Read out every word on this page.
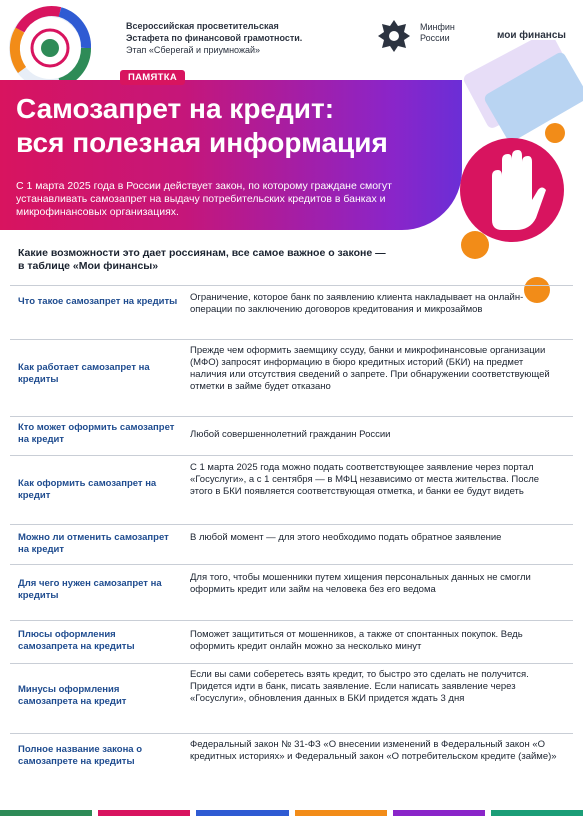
Всероссийская просветительская
Эстафета по финансовой грамотности.
Этап «Сберегай и приумножай»
Минфин
России	мои финансы
ПАМЯТКА
Самозапрет на кредит:
вся полезная информация
С 1 марта 2025 года в России действует закон, по которому граждане смогут устанавливать самозапрет на выдачу потребительских кредитов в банках и микрофинансовых организациях.
Какие возможности это дает россиянам, все самое важное о законе — в таблице «Мои финансы»
Что такое самозапрет на кредиты Ограничение, которое банк по заявлению клиента накладывает на онлайн-операции по заключению договоров кредитования и микрозаймов
Как работает самозапрет на кредиты
Прежде чем оформить заемщику ссуду, банки и микрофинансовые организации (МФО) запросят информацию в бюро кредитных историй (БКИ) на предмет наличия или отсутствия сведений о запрете. При обнаружении соответствующей отметки в займе будет отказано
Кто может оформить самозапрет на кредит	Любой совершеннолетний гражданин России
Как оформить самозапрет на кредит
С 1 марта 2025 года можно подать соответствующее заявление через портал «Госуслуги», а с 1 сентября — в МФЦ независимо от места жительства. После этого в БКИ появляется соответствующая отметка, и банки ее будут видеть
Можно ли отменить самозапрет на кредит
В любой момент — для этого необходимо подать обратное заявление
Для чего нужен самозапрет на кредиты
Для того, чтобы мошенники путем хищения персональных данных не смогли оформить кредит или займ на человека без его ведома
Плюсы оформления самозапрета на кредиты
Поможет защититься от мошенников, а также от спонтанных покупок. Ведь оформить кредит онлайн можно за несколько минут
Минусы оформления самозапрета на кредит
Если вы сами соберетесь взять кредит, то быстро это сделать не получится. Придется идти в банк, писать заявление. Если написать заявление через «Госуслуги», обновления данных в БКИ придется ждать 3 дня
Полное название закона о самозапрете на кредиты
Федеральный закон № 31-ФЗ «О внесении изменений в Федеральный закон «О кредитных историях» и Федеральный закон «О потребительском кредите (займе)»
